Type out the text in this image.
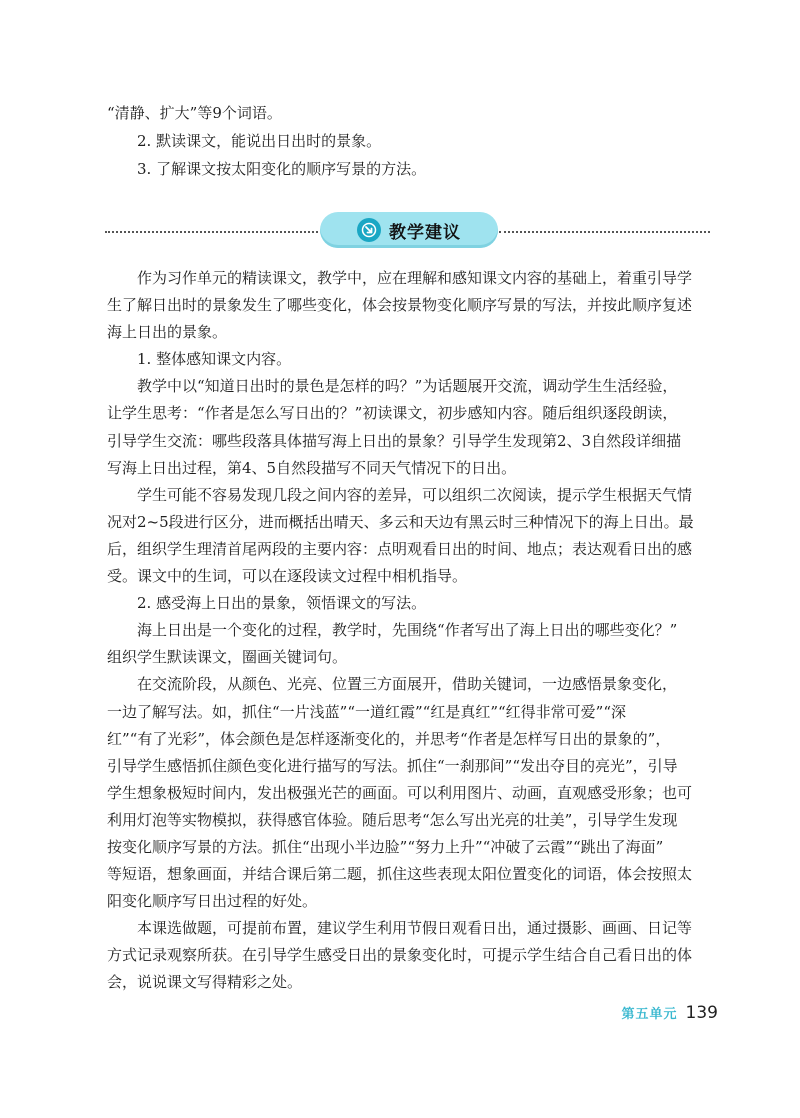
“清静、扩大”等9个词语。

2. 默读课文，能说出日出时的景象。

3. 了解课文按太阳变化的顺序写景的方法。

教学建议

作为习作单元的精读课文，教学中，应在理解和感知课文内容的基础上，着重引导学

生了解日出时的景象发生了哪些变化，体会按景物变化顺序写景的写法，并按此顺序复述

海上日出的景象。

1. 整体感知课文内容。

教学中以“知道日出时的景色是怎样的吗？”为话题展开交流，调动学生生活经验，

让学生思考：“作者是怎么写日出的？”初读课文，初步感知内容。随后组织逐段朗读，

引导学生交流：哪些段落具体描写海上日出的景象？引导学生发现第2、3自然段详细描

写海上日出过程，第4、5自然段描写不同天气情况下的日出。

学生可能不容易发现几段之间内容的差异，可以组织二次阅读，提示学生根据天气情

况对2~5段进行区分，进而概括出晴天、多云和天边有黑云时三种情况下的海上日出。最

后，组织学生理清首尾两段的主要内容：点明观看日出的时间、地点；表达观看日出的感

受。课文中的生词，可以在逐段读文过程中相机指导。

2. 感受海上日出的景象，领悟课文的写法。

海上日出是一个变化的过程，教学时，先围绕“作者写出了海上日出的哪些变化？”

组织学生默读课文，圈画关键词句。

在交流阶段，从颜色、光亮、位置三方面展开，借助关键词，一边感悟景象变化，

一边了解写法。如，抓住“一片浅蓝”“一道红霞”“红是真红”“红得非常可爱”“深

红”“有了光彩”，体会颜色是怎样逐渐变化的，并思考“作者是怎样写日出的景象的”，

引导学生感悟抓住颜色变化进行描写的写法。抓住“一刹那间”“发出夺目的亮光”，引导

学生想象极短时间内，发出极强光芒的画面。可以利用图片、动画，直观感受形象；也可

利用灯泡等实物模拟，获得感官体验。随后思考“怎么写出光亮的壮美”，引导学生发现

按变化顺序写景的方法。抓住“出现小半边脸”“努力上升”“冲破了云霞”“跳出了海面”

等短语，想象画面，并结合课后第二题，抓住这些表现太阳位置变化的词语，体会按照太

阳变化顺序写日出过程的好处。

本课选做题，可提前布置，建议学生利用节假日观看日出，通过摄影、画画、日记等

方式记录观察所获。在引导学生感受日出的景象变化时，可提示学生结合自己看日出的体

会，说说课文写得精彩之处。

第五单元 139
